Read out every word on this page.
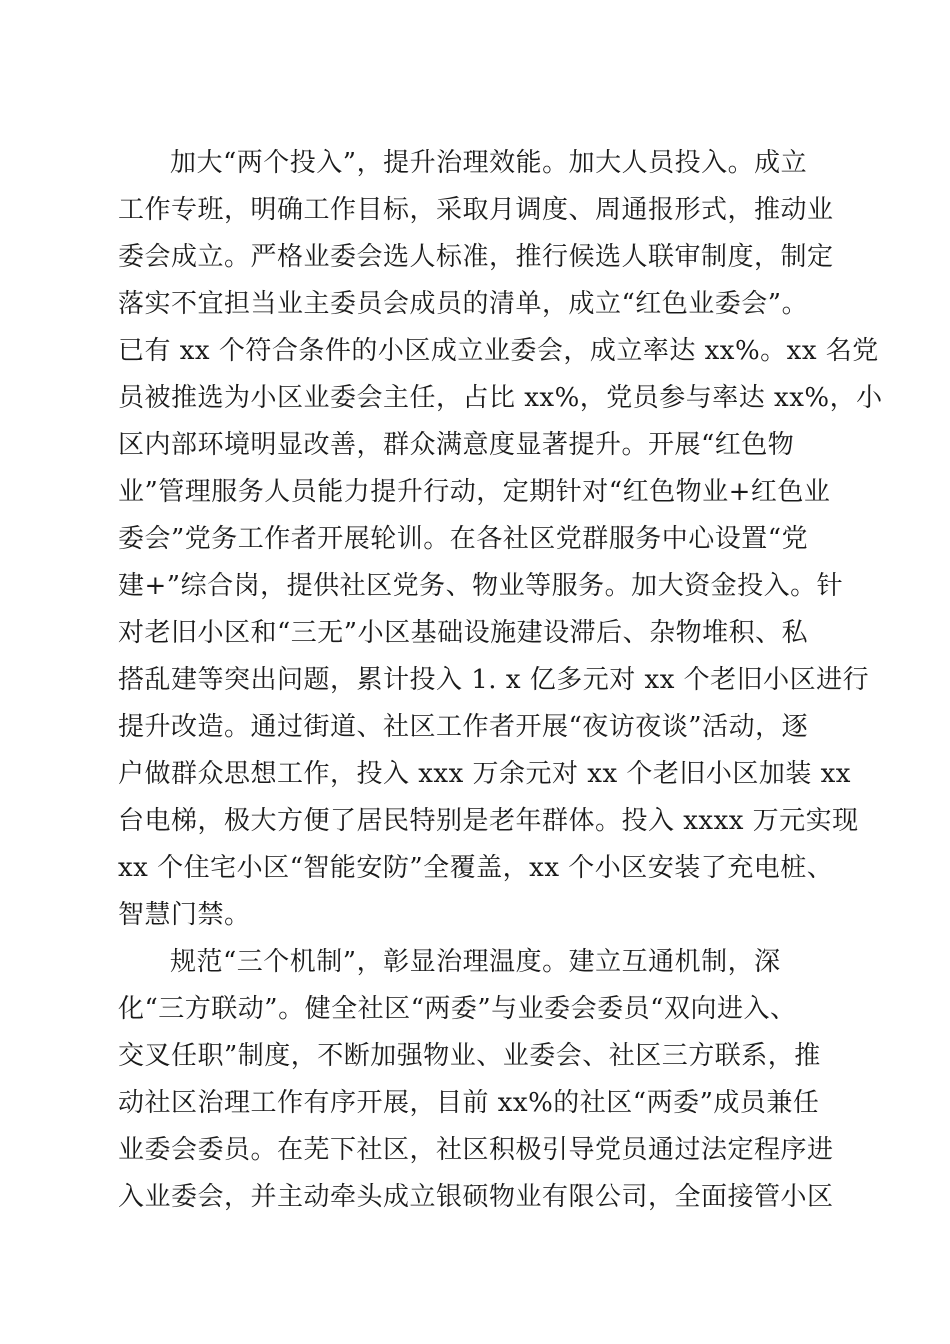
加大“两个投入”，提升治理效能。加大人员投入。成立
工作专班，明确工作目标，采取月调度、周通报形式，推动业
委会成立。严格业委会选人标准，推行候选人联审制度，制定
落实不宜担当业主委员会成员的清单，成立“红色业委会”。
已有 xx 个符合条件的小区成立业委会，成立率达 xx%。xx 名党
员被推选为小区业委会主任，占比 xx%，党员参与率达 xx%，小
区内部环境明显改善，群众满意度显著提升。开展“红色物
业”管理服务人员能力提升行动，定期针对“红色物业+红色业
委会”党务工作者开展轮训。在各社区党群服务中心设置“党
建+”综合岗，提供社区党务、物业等服务。加大资金投入。针
对老旧小区和“三无”小区基础设施建设滞后、杂物堆积、私
搭乱建等突出问题，累计投入 1. x 亿多元对 xx 个老旧小区进行
提升改造。通过街道、社区工作者开展“夜访夜谈”活动，逐
户做群众思想工作，投入 xxx 万余元对 xx 个老旧小区加装 xx
台电梯，极大方便了居民特别是老年群体。投入 xxxx 万元实现
xx 个住宅小区“智能安防”全覆盖，xx 个小区安装了充电桩、
智慧门禁。
规范“三个机制”，彰显治理温度。建立互通机制，深
化“三方联动”。健全社区“两委”与业委会委员“双向进入、
交叉任职”制度，不断加强物业、业委会、社区三方联系，推
动社区治理工作有序开展，目前 xx%的社区“两委”成员兼任
业委会委员。在芜下社区，社区积极引导党员通过法定程序进
入业委会，并主动牵头成立银硕物业有限公司，全面接管小区
